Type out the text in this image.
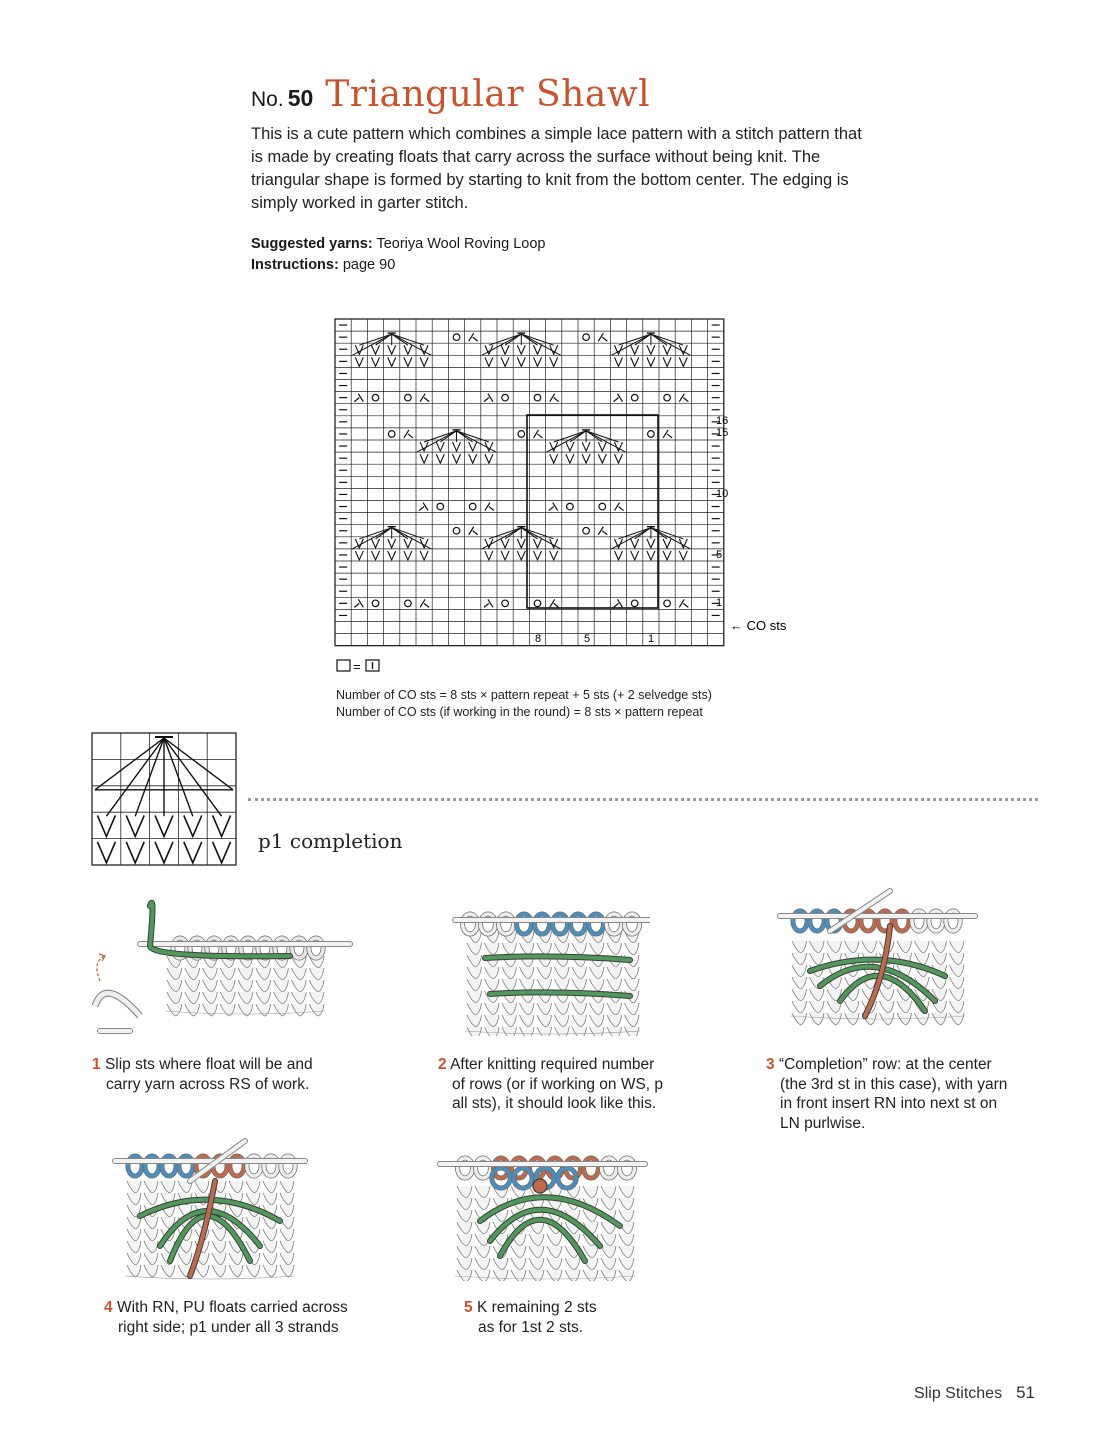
No. 50 Triangular Shawl
This is a cute pattern which combines a simple lace pattern with a stitch pattern that is made by creating floats that carry across the surface without being knit. The triangular shape is formed by starting to knit from the bottom center. The edging is simply worked in garter stitch.
Suggested yarns: Teoriya Wool Roving Loop
Instructions: page 90
16
15
10
5
1
8	5	1
← CO sts
=
Number of CO sts = 8 sts × pattern repeat + 5 sts (+ 2 selvedge sts)
Number of CO sts (if working in the round) = 8 sts × pattern repeat
p1 completion
1 Slip sts where float will be and
carry yarn across RS of work.
2 After knitting required number
of rows (or if working on WS, p
all sts), it should look like this.
3 “Completion” row: at the center
(the 3rd st in this case), with yarn
in front insert RN into next st on
LN purlwise.
4 With RN, PU floats carried across
right side; p1 under all 3 strands
5 K remaining 2 sts
as for 1st 2 sts.
Slip Stitches 51
